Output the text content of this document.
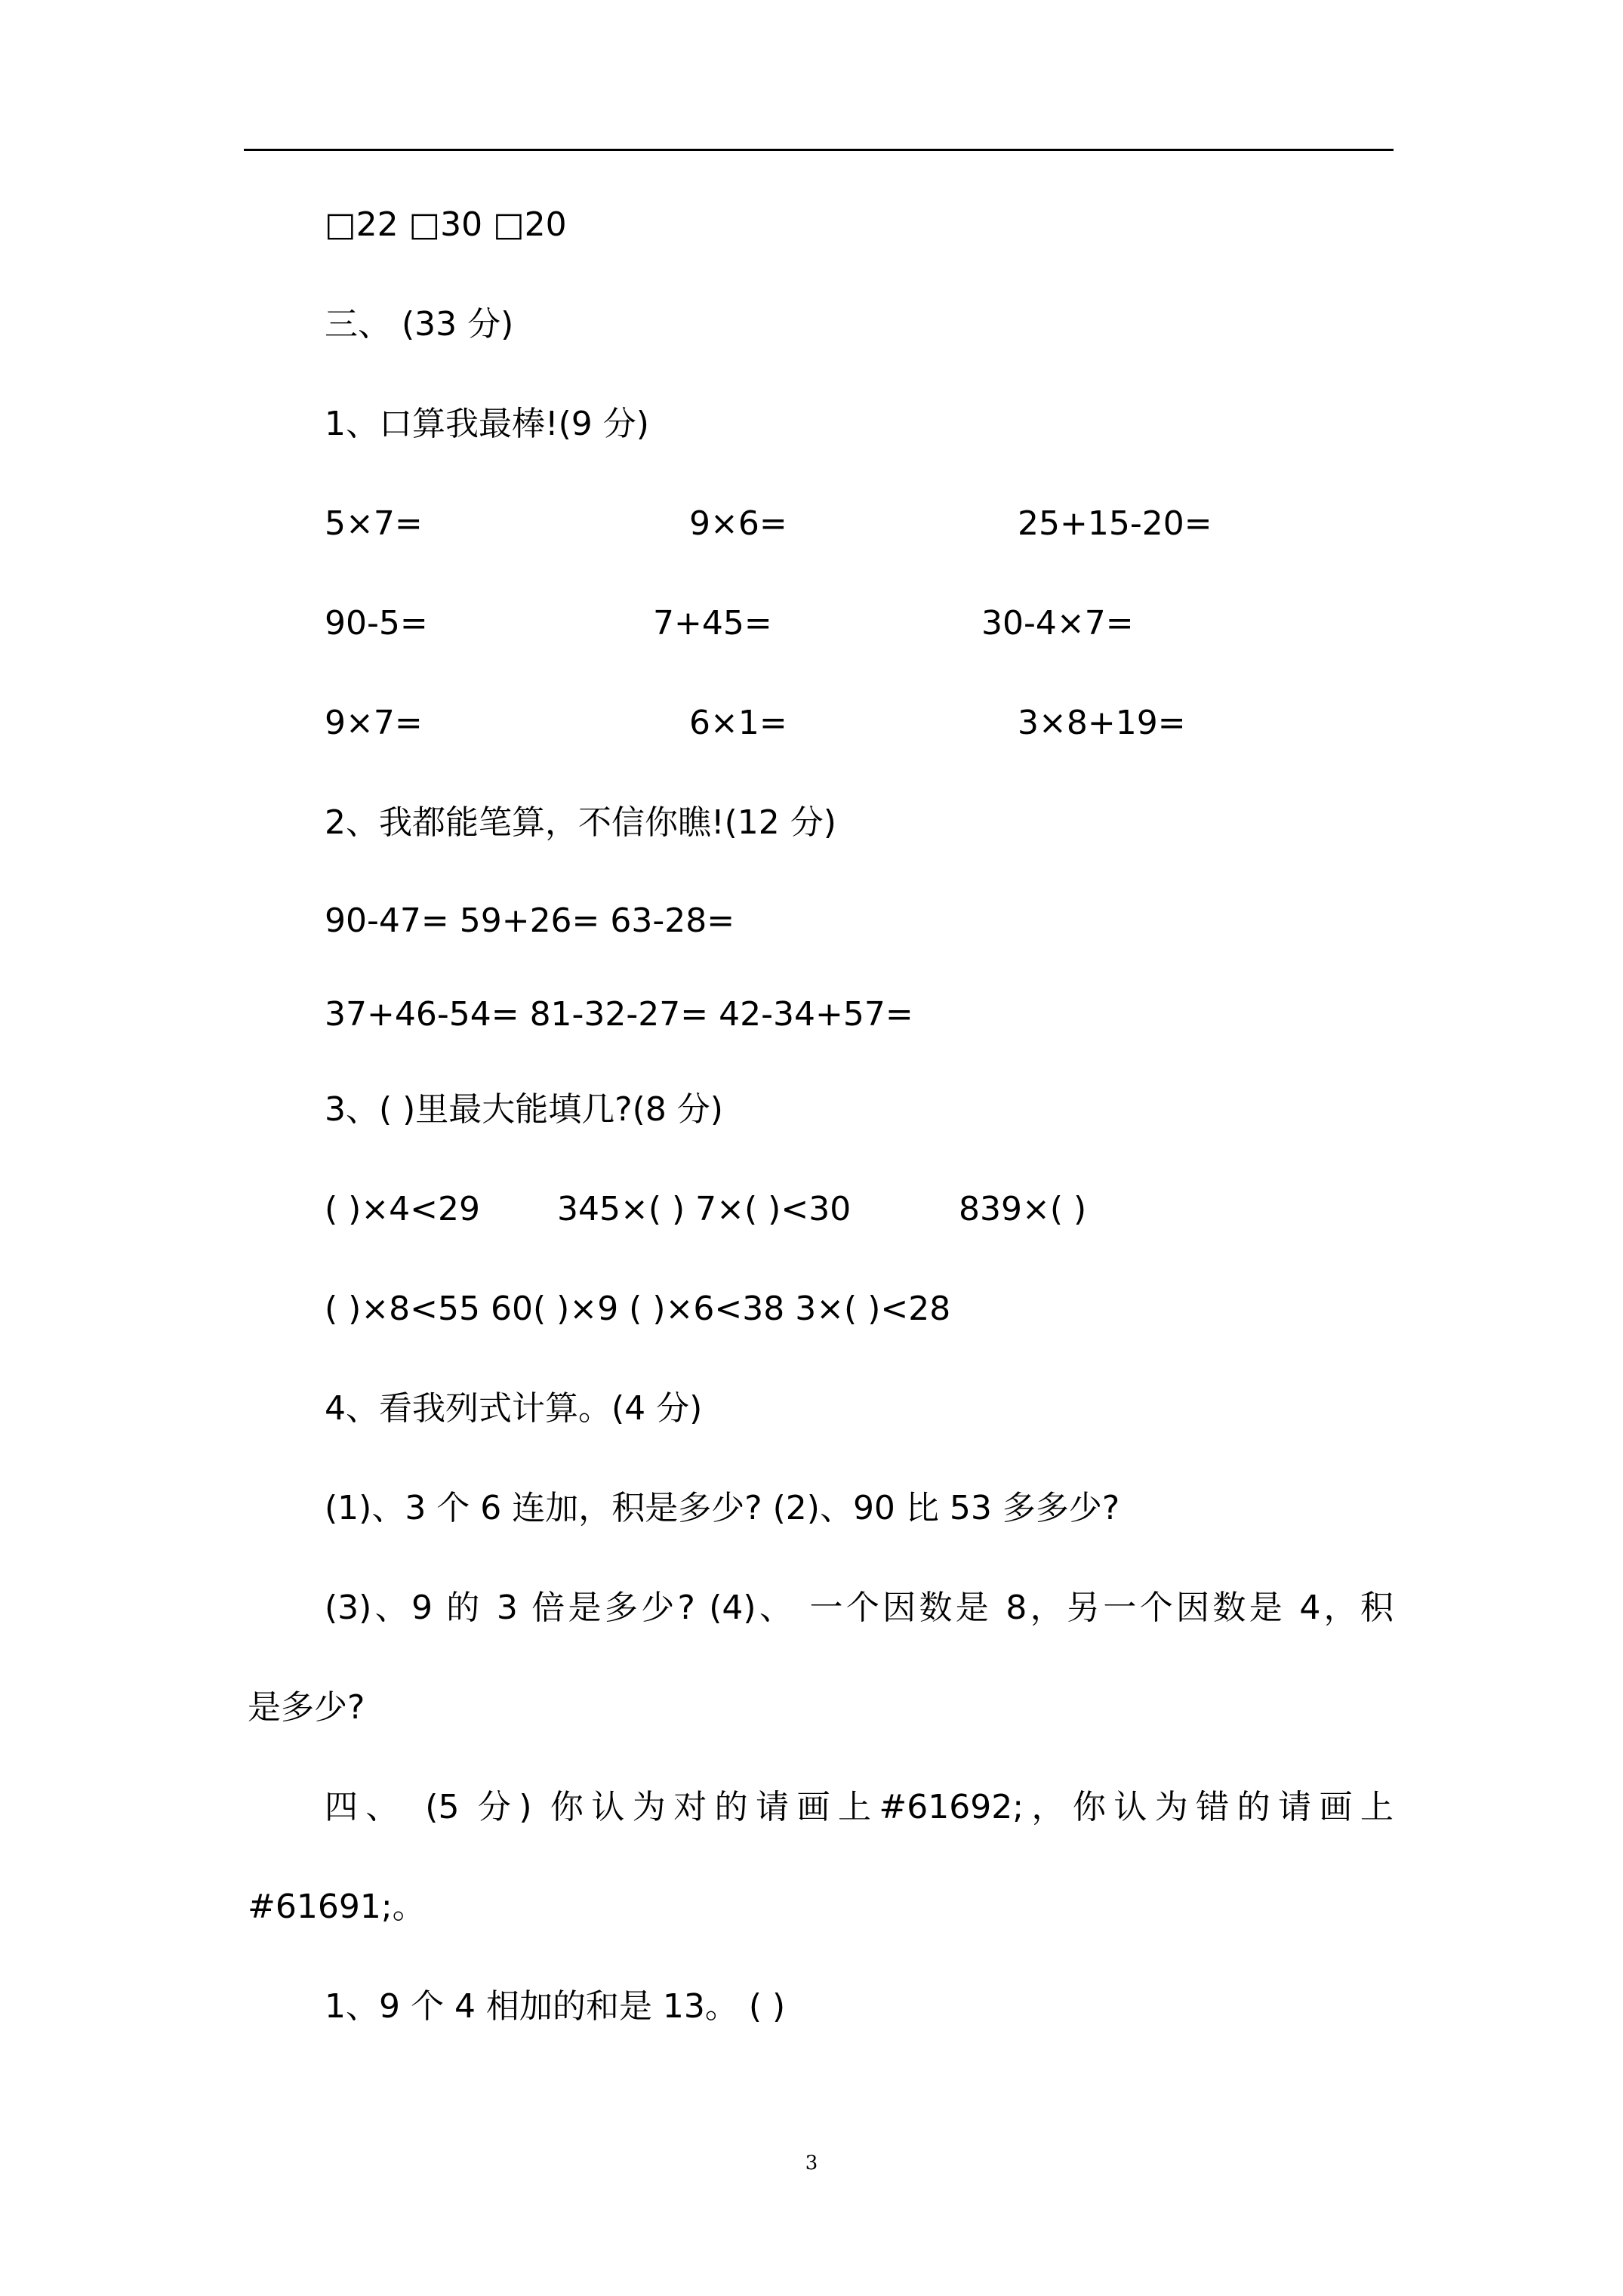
□22 □30 □20
三、 (33 分)
1、口算我最棒!(9 分)
5×7=	9×6=	25+15-20=
90-5=	7+45=	30-4×7=
9×7=	6×1=	3×8+19=
2、我都能笔算，不信你瞧!(12 分)
90-47= 59+26= 63-28=
37+46-54= 81-32-27= 42-34+57=
3、( )里最大能填几?(8 分)
( )×4<29 345×( ) 7×( )<30	839×( )
( )×8<55 60( )×9 ( )×6<38 3×( )<28
4、看我列式计算。(4 分)
(1)、3 个 6 连加，积是多少? (2)、90 比 53 多多少?
(3)、9 的 3 倍是多少? (4)、 一个因数是 8，另一个因数是 4，积
是多少?
四、 (5 分) 你认为对的请画上#61692;，你认为错的请画上
#61691;。
1、9 个 4 相加的和是 13。 ( )
3
